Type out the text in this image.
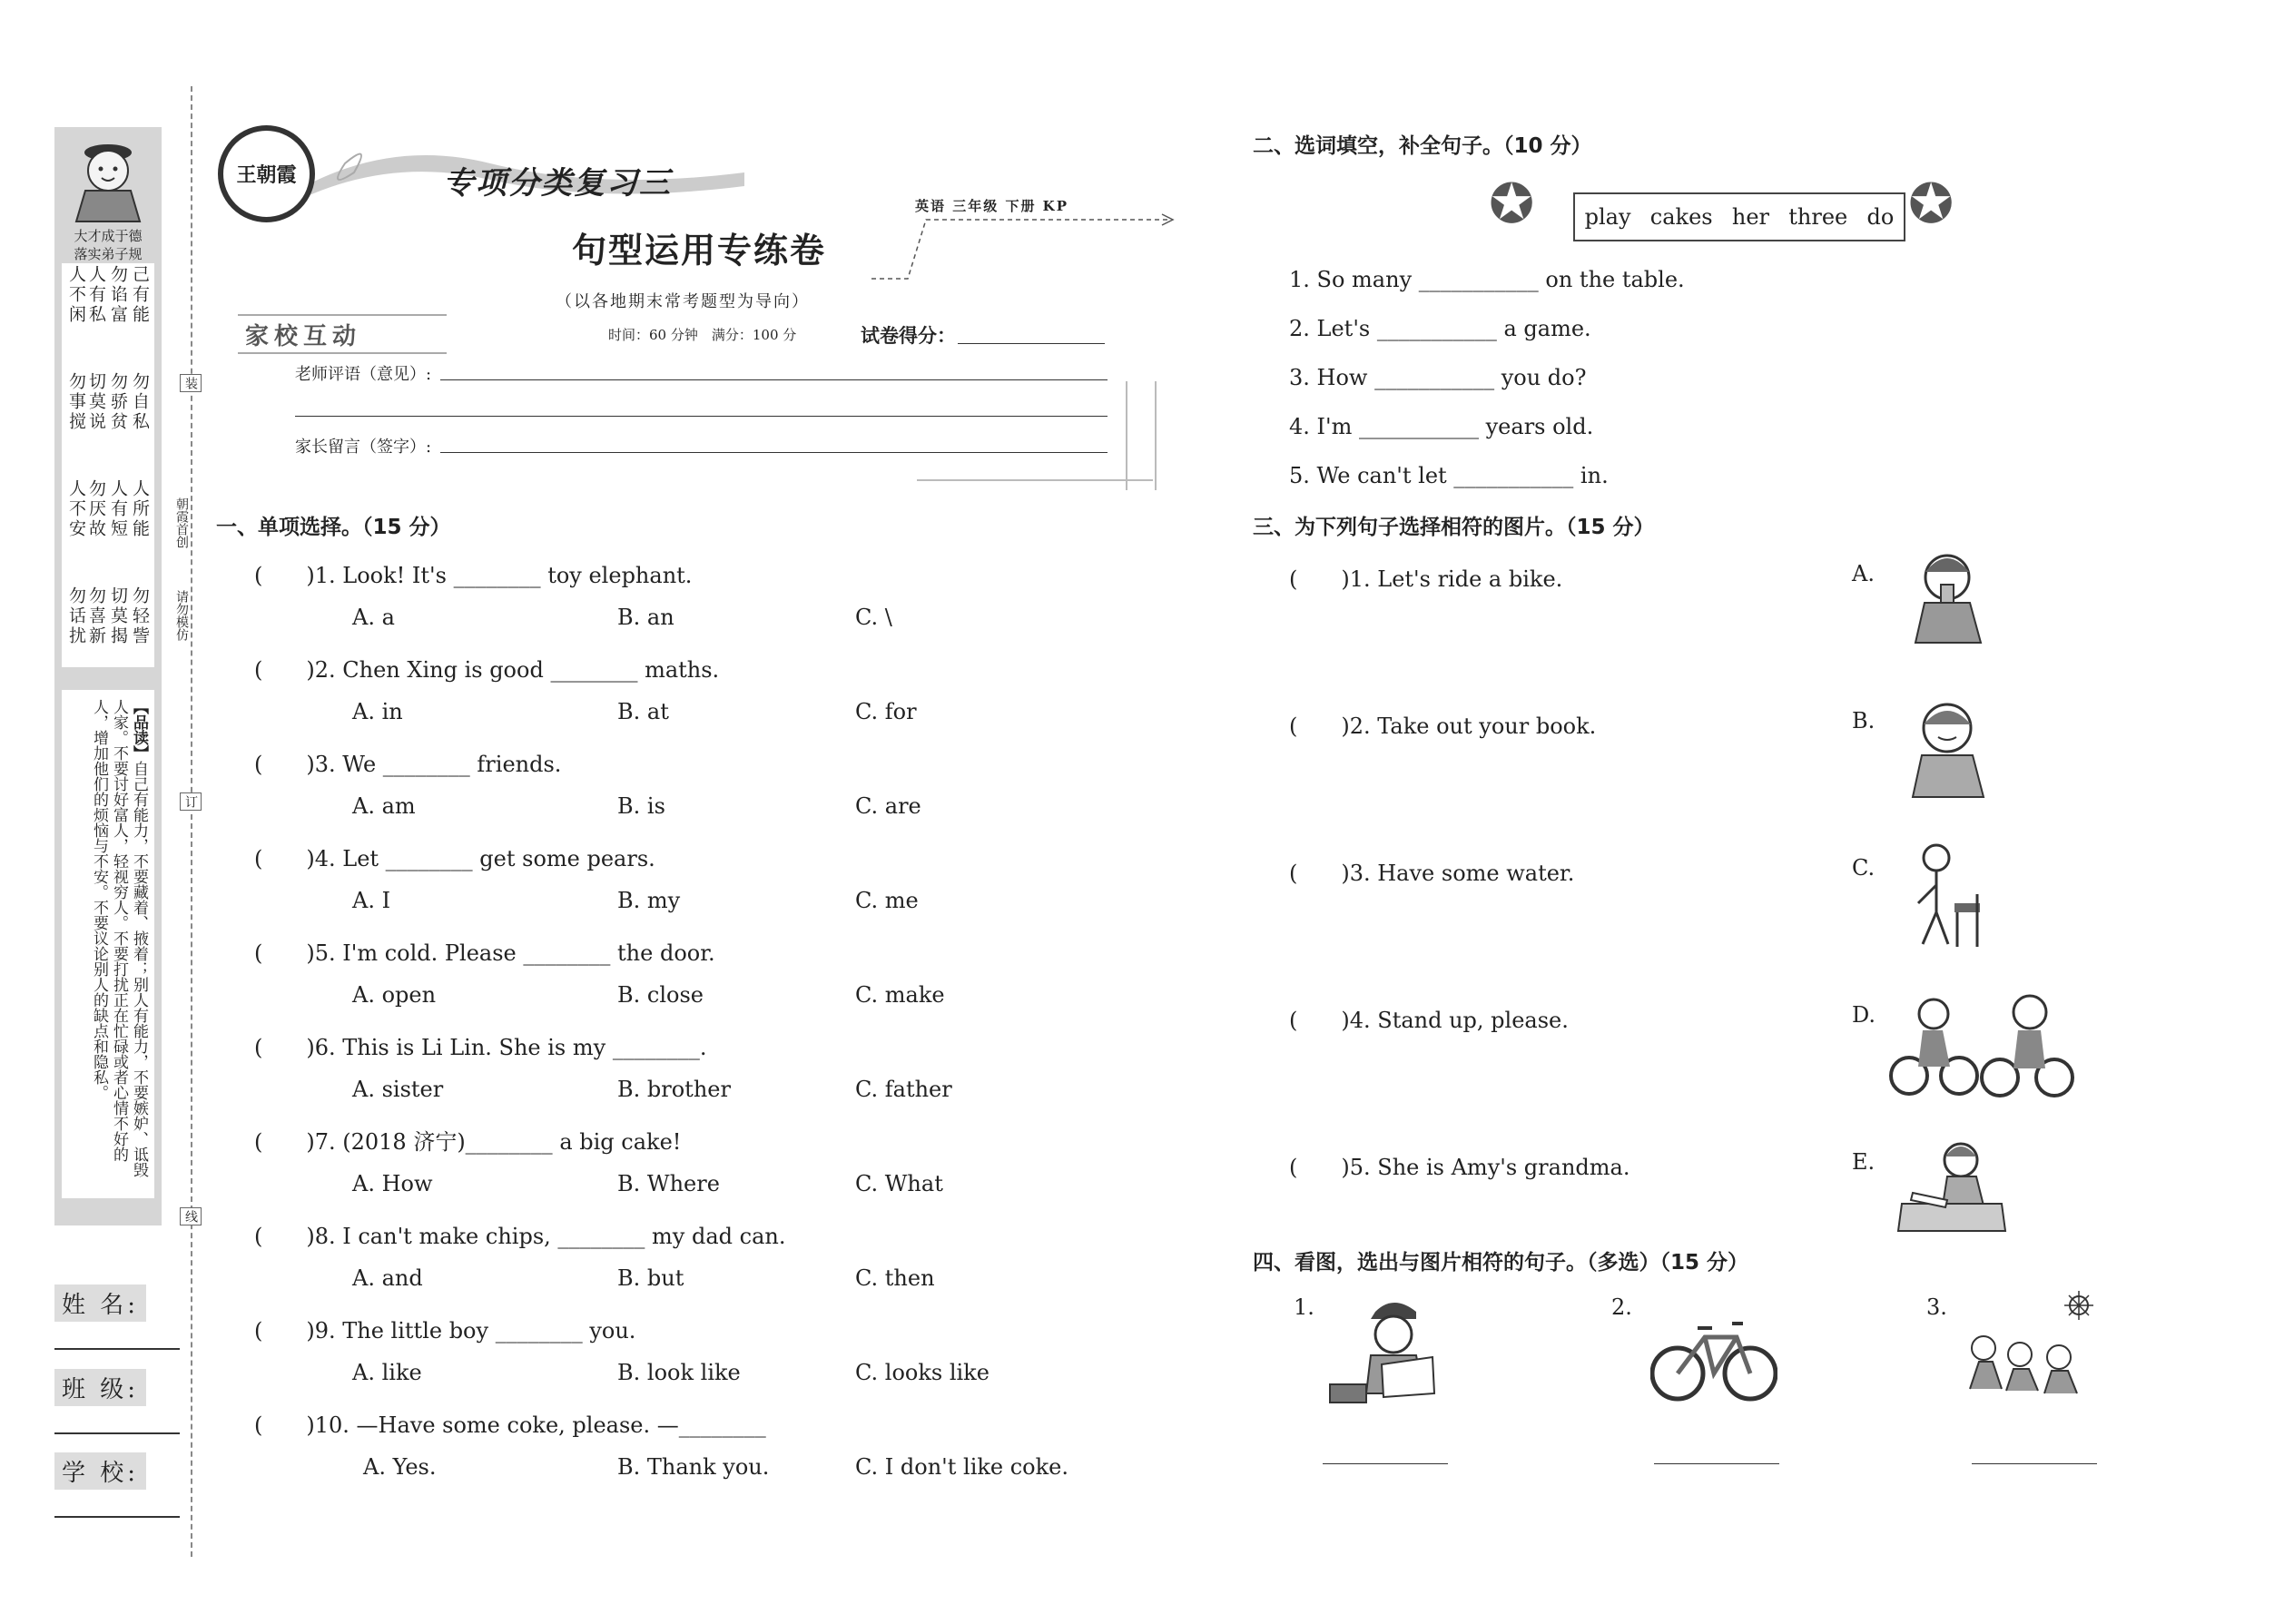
大才成于德
落实弟子规
己有能
勿自私
人所能
勿轻訾
勿谄富
勿骄贫
人有短
切莫揭
人有私
切莫说
勿厌故
勿喜新
人不闲
勿事搅
人不安
勿话扰
【品读】自己有能力，不要藏着、掖着；别人有能力，不要嫉妒、诋毁人家。不要讨好富人，轻视穷人。不要打扰正在忙碌或者心情不好的人，增加他们的烦恼与不安。不要议论别人的缺点和隐私。
装
订
线
朝霞首创
请勿模仿
姓 名:
班 级:
学 校:
王朝霞	专项分类复习三
句型运用专练卷
（以各地期末常考题型为导向）
时间：60 分钟　满分：100 分	试卷得分：
英语 三年级 下册 KP
家校互动
老师评语（意见）:
家长留言（签字）:
一、单项选择。（15 分）
(　　)1. Look! It's ________ toy elephant.
A. a	B. an	C. \
(　　)2. Chen Xing is good ________ maths.
A. in	B. at	C. for
(　　)3. We ________ friends.
A. am	B. is	C. are
(　　)4. Let ________ get some pears.
A. I	B. my	C. me
(　　)5. I'm cold. Please ________ the door.
A. open	B. close	C. make
(　　)6. This is Li Lin. She is my ________.
A. sister	B. brother	C. father
(　　)7. (2018 济宁)________ a big cake!
A. How	B. Where	C. What
(　　)8. I can't make chips, ________ my dad can.
A. and	B. but	C. then
(　　)9. The little boy ________ you.
A. like	B. look like	C. looks like
(　　)10. —Have some coke, please. —________
A. Yes.	B. Thank you.	C. I don't like coke.
二、选词填空，补全句子。（10 分）
✪ play cakes her three do ✪
1. So many ___________ on the table.
2. Let's ___________ a game.
3. How ___________ you do?
4. I'm ___________ years old.
5. We can't let ___________ in.
三、为下列句子选择相符的图片。（15 分）
(　　)1. Let's ride a bike.
(　　)2. Take out your book.
(　　)3. Have some water.
(　　)4. Stand up, please.
(　　)5. She is Amy's grandma.
A.
B.
C.
D.
E.
四、看图，选出与图片相符的句子。（多选）（15 分）
1.	2.	3.
